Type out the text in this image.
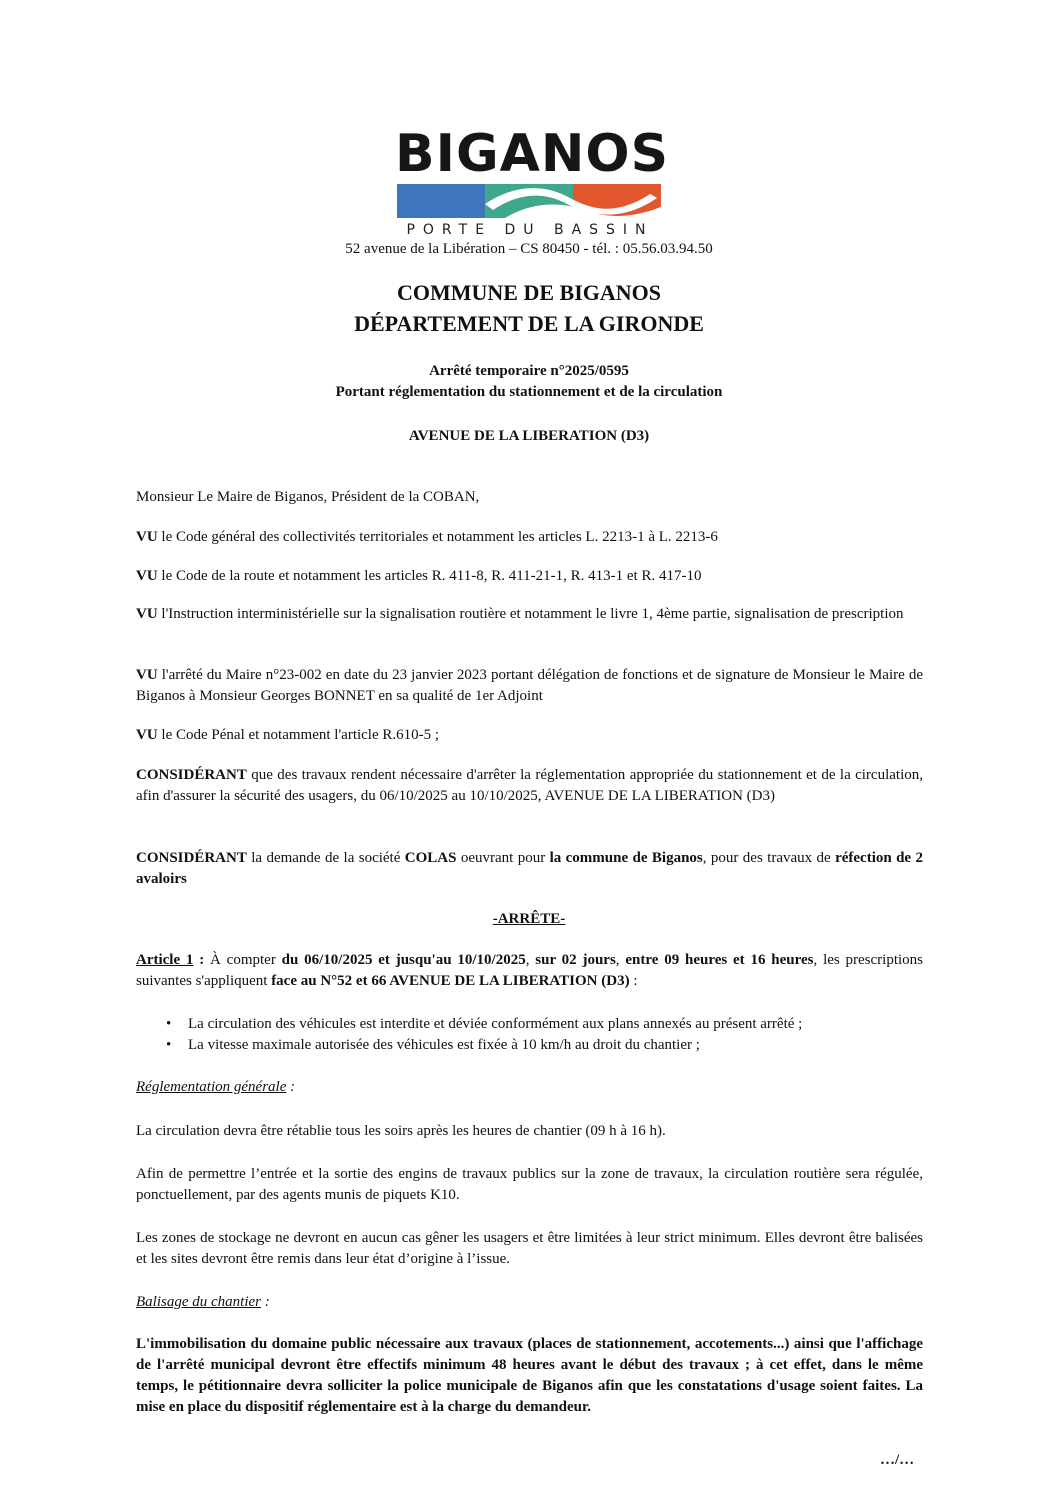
BIGANOS
PORTE DU BASSIN
52 avenue de la Libération – CS 80450 - tél. : 05.56.03.94.50
COMMUNE DE BIGANOS
DÉPARTEMENT DE LA GIRONDE
Arrêté temporaire n°2025/0595
Portant réglementation du stationnement et de la circulation
AVENUE DE LA LIBERATION (D3)
Monsieur Le Maire de Biganos, Président de la COBAN,
VU le Code général des collectivités territoriales et notamment les articles L. 2213-1 à L. 2213-6
VU le Code de la route et notamment les articles R. 411-8, R. 411-21-1, R. 413-1 et R. 417-10
VU l'Instruction interministérielle sur la signalisation routière et notamment le livre 1, 4ème partie, signalisation de prescription
VU l'arrêté du Maire n°23-002 en date du 23 janvier 2023 portant délégation de fonctions et de signature de Monsieur le Maire de Biganos à Monsieur Georges BONNET en sa qualité de 1er Adjoint
VU le Code Pénal et notamment l'article R.610-5 ;
CONSIDÉRANT que des travaux rendent nécessaire d'arrêter la réglementation appropriée du stationnement et de la circulation, afin d'assurer la sécurité des usagers, du 06/10/2025 au 10/10/2025, AVENUE DE LA LIBERATION (D3)
CONSIDÉRANT la demande de la société COLAS oeuvrant pour la commune de Biganos, pour des travaux de réfection de 2 avaloirs
-ARRÊTE-
Article 1 : À compter du 06/10/2025 et jusqu'au 10/10/2025, sur 02 jours, entre 09 heures et 16 heures, les prescriptions suivantes s'appliquent face au N°52 et 66 AVENUE DE LA LIBERATION (D3) :
• La circulation des véhicules est interdite et déviée conformément aux plans annexés au présent arrêté ;
• La vitesse maximale autorisée des véhicules est fixée à 10 km/h au droit du chantier ;
Réglementation générale :
La circulation devra être rétablie tous les soirs après les heures de chantier (09 h à 16 h).
Afin de permettre l’entrée et la sortie des engins de travaux publics sur la zone de travaux, la circulation routière sera régulée, ponctuellement, par des agents munis de piquets K10.
Les zones de stockage ne devront en aucun cas gêner les usagers et être limitées à leur strict minimum. Elles devront être balisées et les sites devront être remis dans leur état d’origine à l’issue.
Balisage du chantier :
L'immobilisation du domaine public nécessaire aux travaux (places de stationnement, accotements...) ainsi que l'affichage de l'arrêté municipal devront être effectifs minimum 48 heures avant le début des travaux ; à cet effet, dans le même temps, le pétitionnaire devra solliciter la police municipale de Biganos afin que les constatations d'usage soient faites. La mise en place du dispositif réglementaire est à la charge du demandeur.
…/…
